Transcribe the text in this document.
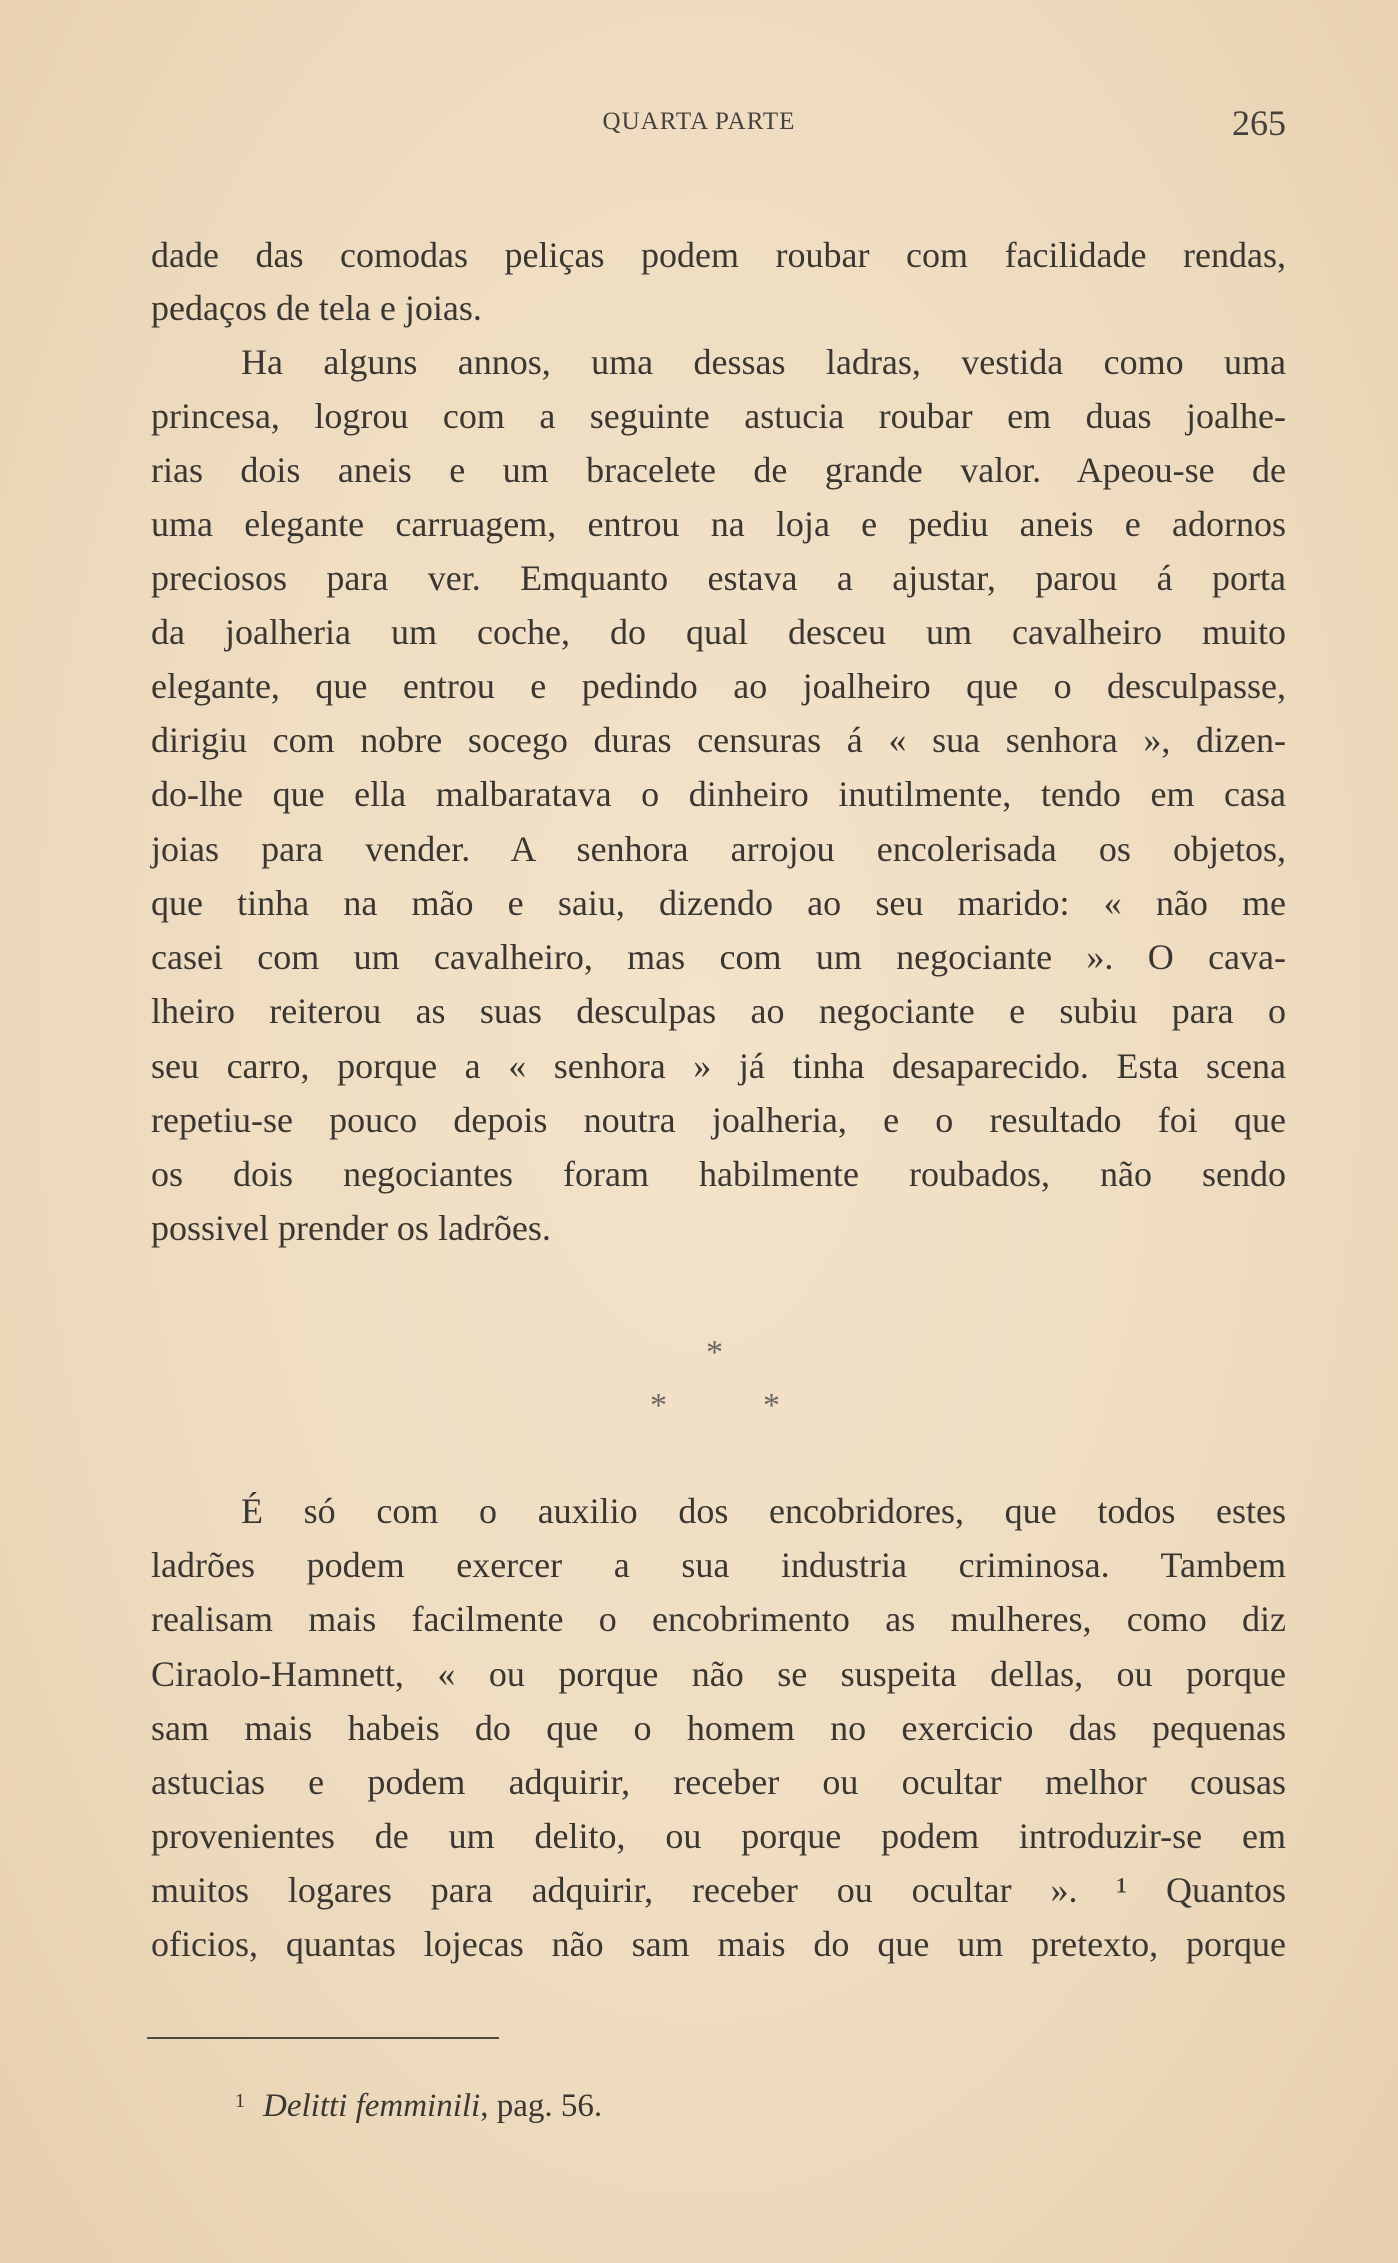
QUARTA PARTE	265
dade das comodas peliças podem roubar com facilidade rendas,
pedaços de tela e joias.
Ha alguns annos, uma dessas ladras, vestida como uma
princesa, logrou com a seguinte astucia roubar em duas joalhe-
rias dois aneis e um bracelete de grande valor. Apeou-se de
uma elegante carruagem, entrou na loja e pediu aneis e adornos
preciosos para ver. Emquanto estava a ajustar, parou á porta
da joalheria um coche, do qual desceu um cavalheiro muito
elegante, que entrou e pedindo ao joalheiro que o desculpasse,
dirigiu com nobre socego duras censuras á « sua senhora », dizen-
do-lhe que ella malbaratava o dinheiro inutilmente, tendo em casa
joias para vender. A senhora arrojou encolerisada os objetos,
que tinha na mão e saiu, dizendo ao seu marido: « não me
casei com um cavalheiro, mas com um negociante ». O cava-
lheiro reiterou as suas desculpas ao negociante e subiu para o
seu carro, porque a « senhora » já tinha desaparecido. Esta scena
repetiu-se pouco depois noutra joalheria, e o resultado foi que
os dois negociantes foram habilmente roubados, não sendo
possivel prender os ladrões.
*
*	*
É só com o auxilio dos encobridores, que todos estes
ladrões podem exercer a sua industria criminosa. Tambem
realisam mais facilmente o encobrimento as mulheres, como diz
Ciraolo-Hamnett, « ou porque não se suspeita dellas, ou porque
sam mais habeis do que o homem no exercicio das pequenas
astucias e podem adquirir, receber ou ocultar melhor cousas
provenientes de um delito, ou porque podem introduzir-se em
muitos logares para adquirir, receber ou ocultar ». ¹ Quantos
oficios, quantas lojecas não sam mais do que um pretexto, porque
$^1$ Delitti femminili, pag. 56.
